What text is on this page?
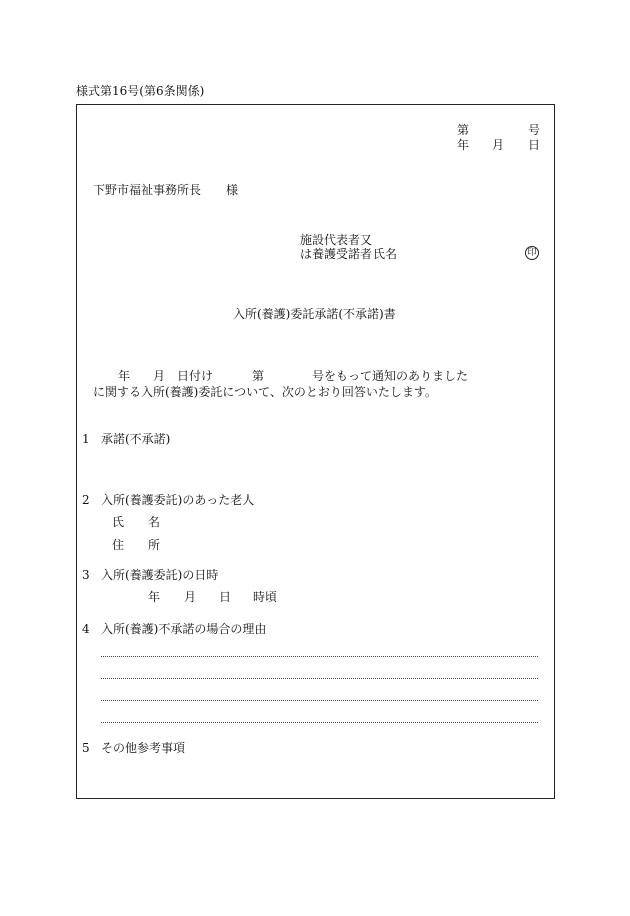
様式第16号(第6条関係)
第	号
年 月 日
下野市福祉事務所長 様
施設代表者又
は養護受諾者 氏名	印
入所(養護)委託承諾(不承諾)書
年 月 日付け	第	号をもって通知のありました
に関する入所(養護)委託について、次のとおり回答いたします。
1 承諾(不承諾)
2 入所(養護委託)のあった老人
氏　　名
住　　所
3 入所(養護委託)の日時
年 月 日 時頃
4 入所(養護)不承諾の場合の理由
5 その他参考事項
